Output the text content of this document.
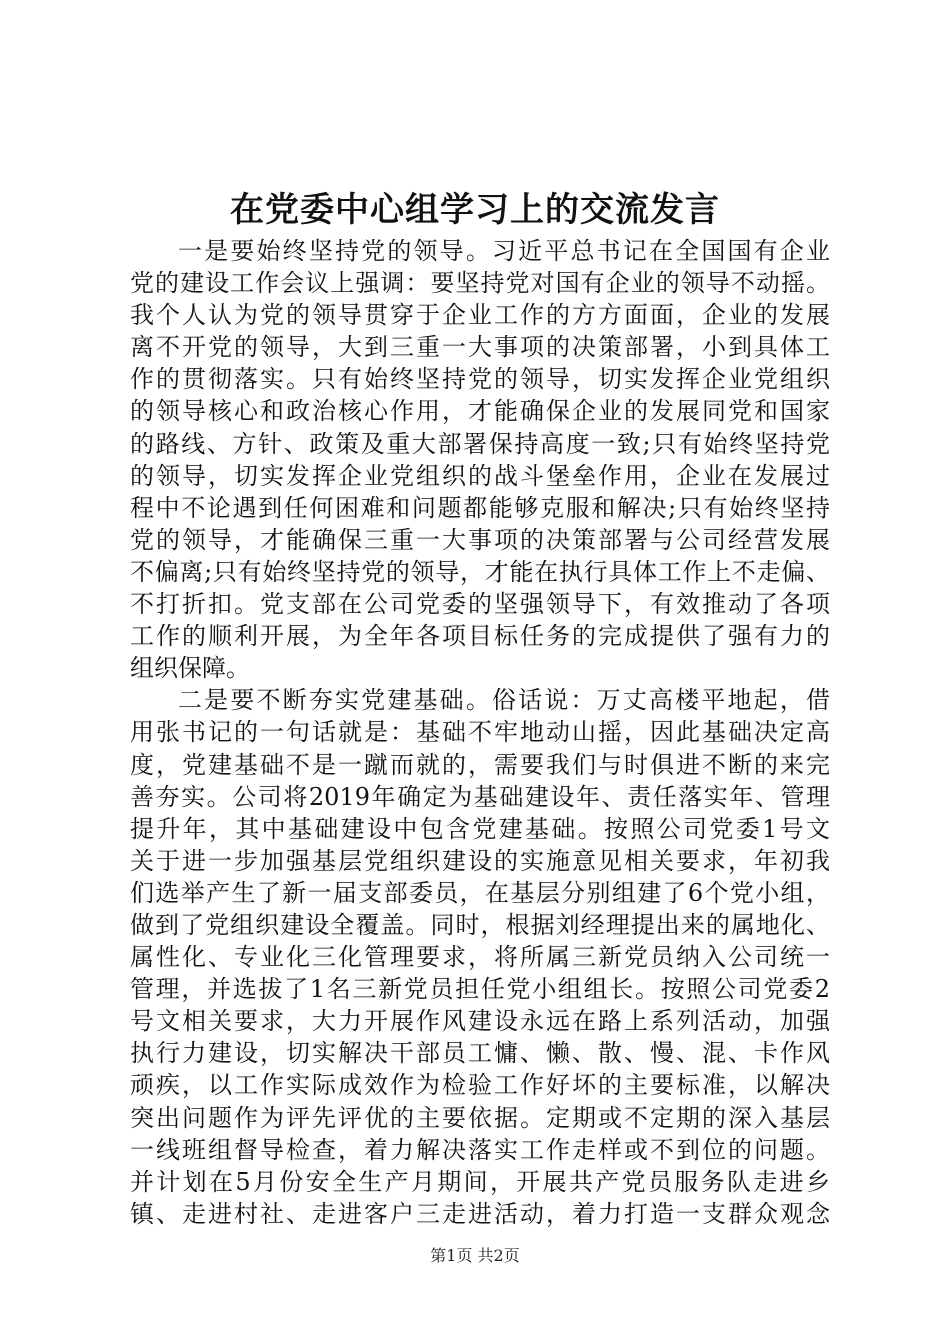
在党委中心组学习上的交流发言
一是要始终坚持党的领导。习近平总书记在全国国有企业
党的建设工作会议上强调：要坚持党对国有企业的领导不动摇。
我个人认为党的领导贯穿于企业工作的方方面面，企业的发展
离不开党的领导，大到三重一大事项的决策部署，小到具体工
作的贯彻落实。只有始终坚持党的领导，切实发挥企业党组织
的领导核心和政治核心作用，才能确保企业的发展同党和国家
的路线、方针、政策及重大部署保持高度一致;只有始终坚持党
的领导，切实发挥企业党组织的战斗堡垒作用，企业在发展过
程中不论遇到任何困难和问题都能够克服和解决;只有始终坚持
党的领导，才能确保三重一大事项的决策部署与公司经营发展
不偏离;只有始终坚持党的领导，才能在执行具体工作上不走偏、
不打折扣。党支部在公司党委的坚强领导下，有效推动了各项
工作的顺利开展，为全年各项目标任务的完成提供了强有力的
组织保障。
二是要不断夯实党建基础。俗话说：万丈高楼平地起，借
用张书记的一句话就是：基础不牢地动山摇，因此基础决定高
度，党建基础不是一蹴而就的，需要我们与时俱进不断的来完
善夯实。公司将2019年确定为基础建设年、责任落实年、管理
提升年，其中基础建设中包含党建基础。按照公司党委1号文
关于进一步加强基层党组织建设的实施意见相关要求，年初我
们选举产生了新一届支部委员，在基层分别组建了6个党小组，
做到了党组织建设全覆盖。同时，根据刘经理提出来的属地化、
属性化、专业化三化管理要求，将所属三新党员纳入公司统一
管理，并选拔了1名三新党员担任党小组组长。按照公司党委2
号文相关要求，大力开展作风建设永远在路上系列活动，加强
执行力建设，切实解决干部员工慵、懒、散、慢、混、卡作风
顽疾，以工作实际成效作为检验工作好坏的主要标准，以解决
突出问题作为评先评优的主要依据。定期或不定期的深入基层
一线班组督导检查，着力解决落实工作走样或不到位的问题。
并计划在5月份安全生产月期间，开展共产党员服务队走进乡
镇、走进村社、走进客户三走进活动，着力打造一支群众观念
第1页 共2页
